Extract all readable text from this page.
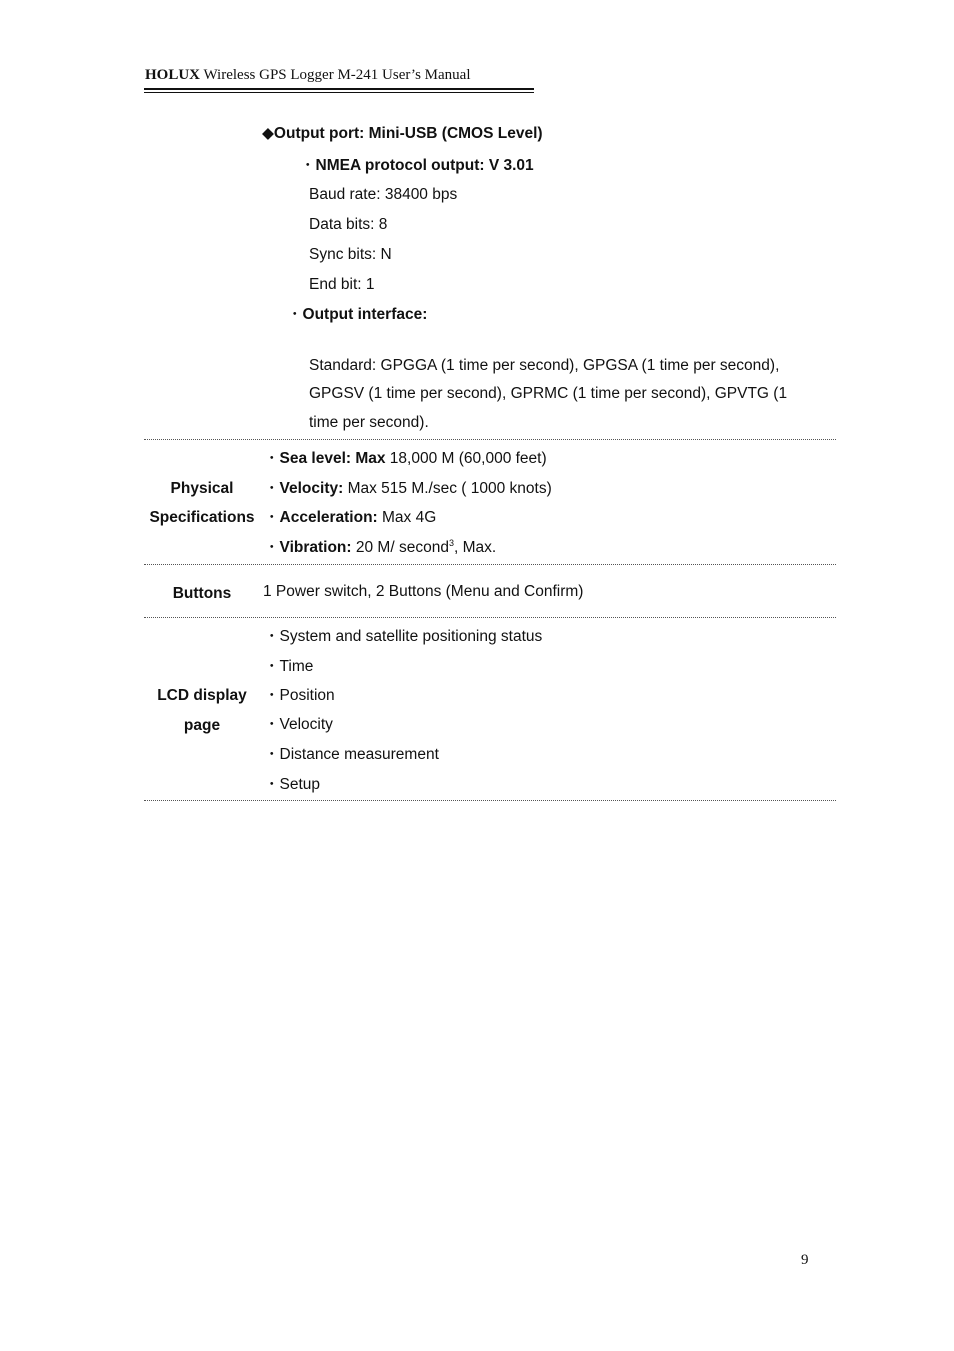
HOLUX Wireless GPS Logger M-241 User’s Manual
◆Output port: Mini-USB (CMOS Level)
・NMEA protocol output: V 3.01
Baud rate: 38400 bps
Data bits: 8
Sync bits: N
End bit: 1
・Output interface:
Standard: GPGGA (1 time per second), GPGSA (1 time per second),
GPGSV (1 time per second), GPRMC (1 time per second), GPVTG (1
time per second).
Physical
Specifications
・Sea level: Max 18,000 M (60,000 feet)
・Velocity: Max 515 M./sec ( 1000 knots)
・Acceleration: Max 4G
・Vibration: 20 M/ second$^3$, Max.
Buttons	1 Power switch, 2 Buttons (Menu and Confirm)
LCD display
page
・System and satellite positioning status
・Time
・Position
・Velocity
・Distance measurement
・Setup
9
